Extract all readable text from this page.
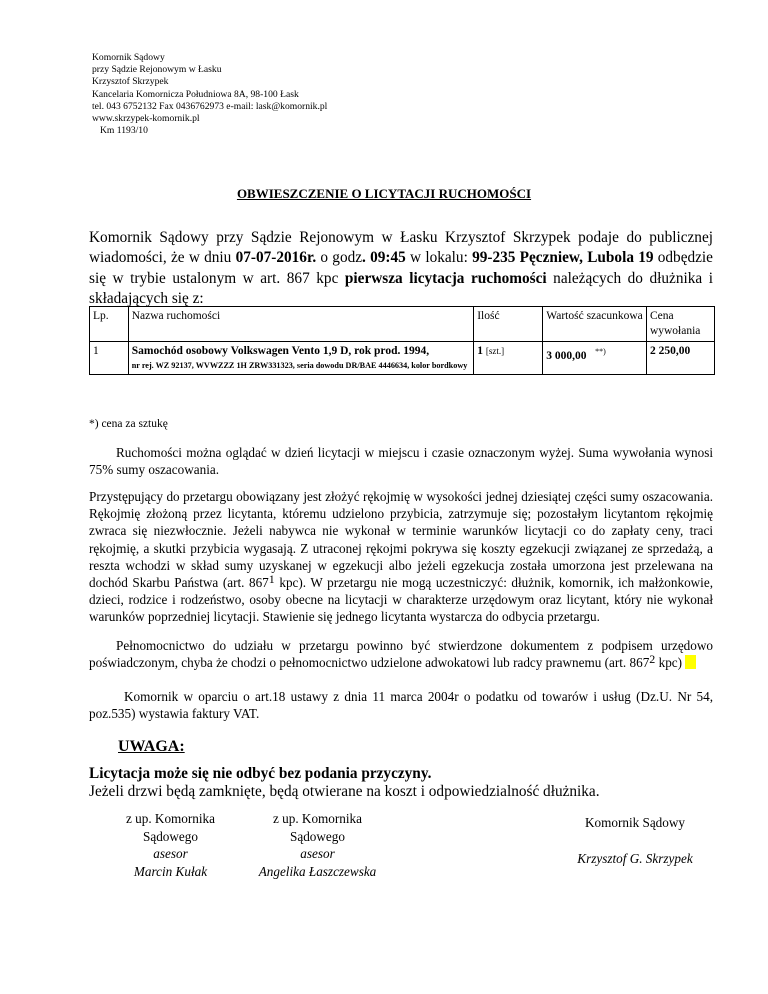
Komornik Sądowy
przy Sądzie Rejonowym w Łasku
Krzysztof Skrzypek
Kancelaria Komornicza Południowa 8A, 98-100 Łask
tel. 043 6752132 Fax 0436762973 e-mail: lask@komornik.pl
www.skrzypek-komornik.pl
Km 1193/10
OBWIESZCZENIE O LICYTACJI RUCHOMOŚCI
Komornik Sądowy przy Sądzie Rejonowym w Łasku Krzysztof Skrzypek podaje do publicznej wiadomości, że w dniu 07-07-2016r. o godz. 09:45 w lokalu: 99-235 Pęczniew, Lubola 19 odbędzie się w trybie ustalonym w art. 867 kpc pierwsza licytacja ruchomości należących do dłużnika i składających się z:
Lp.	Nazwa ruchomości	Ilość	Wartość szacunkowa	Cena wywołania
1	Samochód osobowy Volkswagen Vento 1,9 D, rok prod. 1994,
nr rej. WZ 92137, WVWZZZ 1H ZRW331323, seria dowodu DR/BAE 4446634, kolor bordkowy	1 [szt.]	3 000,00 **)	2 250,00
*) cena za sztukę
Ruchomości można oglądać w dzień licytacji w miejscu i czasie oznaczonym wyżej. Suma wywołania wynosi 75% sumy oszacowania.
Przystępujący do przetargu obowiązany jest złożyć rękojmię w wysokości jednej dziesiątej części sumy oszacowania. Rękojmię złożoną przez licytanta, któremu udzielono przybicia, zatrzymuje się; pozostałym licytantom rękojmię zwraca się niezwłocznie. Jeżeli nabywca nie wykonał w terminie warunków licytacji co do zapłaty ceny, traci rękojmię, a skutki przybicia wygasają. Z utraconej rękojmi pokrywa się koszty egzekucji związanej ze sprzedażą, a reszta wchodzi w skład sumy uzyskanej w egzekucji albo jeżeli egzekucja została umorzona jest przelewana na dochód Skarbu Państwa (art. $867^1$ kpc). W przetargu nie mogą uczestniczyć: dłużnik, komornik, ich małżonkowie, dzieci, rodzice i rodzeństwo, osoby obecne na licytacji w charakterze urzędowym oraz licytant, który nie wykonał warunków poprzedniej licytacji. Stawienie się jednego licytanta wystarcza do odbycia przetargu.
Pełnomocnictwo do udziału w przetargu powinno być stwierdzone dokumentem z podpisem urzędowo poświadczonym, chyba że chodzi o pełnomocnictwo udzielone adwokatowi lub radcy prawnemu (art. $867^2$ kpc)
Komornik w oparciu o art.18 ustawy z dnia 11 marca 2004r o podatku od towarów i usług (Dz.U. Nr 54, poz.535) wystawia faktury VAT.
UWAGA:
Licytacja może się nie odbyć bez podania przyczyny.
Jeżeli drzwi będą zamknięte, będą otwierane na koszt i odpowiedzialność dłużnika.
z up. Komornika
Sądowego
asesor
Marcin Kułak
z up. Komornika
Sądowego
asesor
Angelika Łaszczewska
Komornik Sądowy
Krzysztof G. Skrzypek
